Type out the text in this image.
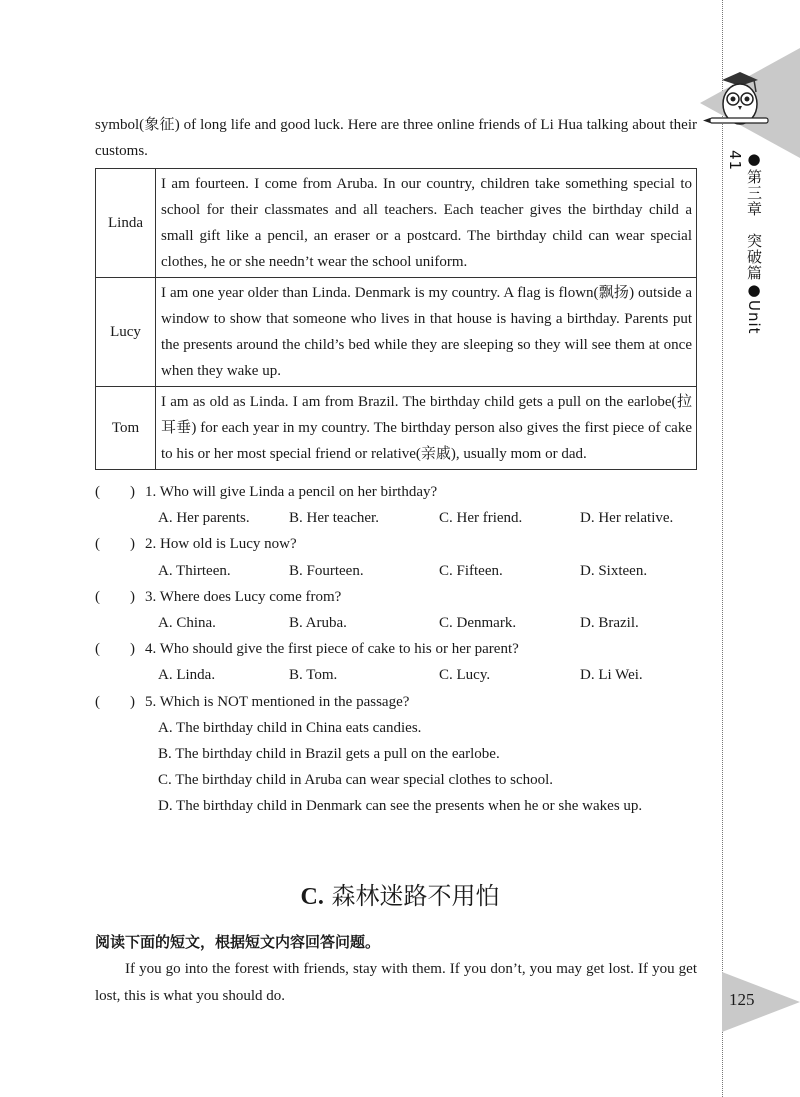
●第三章　突破篇●Unit 41

symbol(象征) of long life and good luck. Here are three online friends of Li Hua talking about their customs.

Linda	I am fourteen. I come from Aruba. In our country, children take something special to school for their classmates and all teachers. Each teacher gives the birthday child a small gift like a pencil, an eraser or a postcard. The birthday child can wear special clothes, he or she needn’t wear the school uniform.
Lucy	I am one year older than Linda. Denmark is my country. A flag is flown(飘扬) outside a window to show that someone who lives in that house is having a birthday. Parents put the presents around the child’s bed while they are sleeping so they will see them at once when they wake up.
Tom	I am as old as Linda. I am from Brazil. The birthday child gets a pull on the earlobe(拉耳垂) for each year in my country. The birthday person also gives the first piece of cake to his or her most special friend or relative(亲戚), usually mom or dad.
(        ) 1. Who will give Linda a pencil on her birthday?
A. Her parents.	B. Her teacher.	C. Her friend.	D. Her relative.
(        ) 2. How old is Lucy now?
A. Thirteen.	B. Fourteen.	C. Fifteen.	D. Sixteen.
(        ) 3. Where does Lucy come from?
A. China.	B. Aruba.	C. Denmark.	D. Brazil.
(        ) 4. Who should give the first piece of cake to his or her parent?
A. Linda.	B. Tom.	C. Lucy.	D. Li Wei.
(        ) 5. Which is NOT mentioned in the passage?
A. The birthday child in China eats candies.
B. The birthday child in Brazil gets a pull on the earlobe.
C. The birthday child in Aruba can wear special clothes to school.
D. The birthday child in Denmark can see the presents when he or she wakes up.
C. 森林迷路不用怕
阅读下面的短文，根据短文内容回答问题。

If you go into the forest with friends, stay with them. If you don’t, you may get lost. If you get lost, this is what you should do.	125
